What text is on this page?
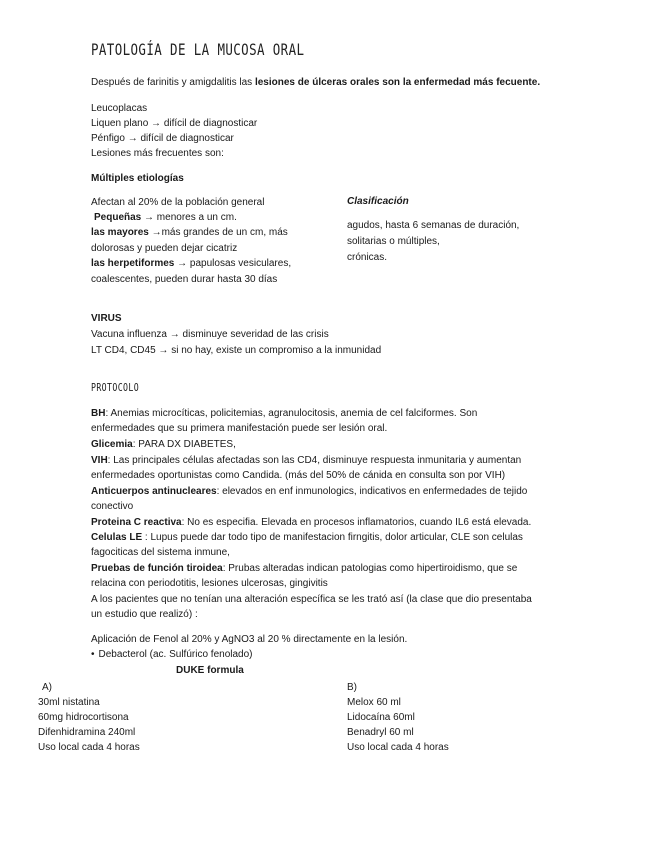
PATOLOGÍA DE LA MUCOSA ORAL
Después de farinitis y amigdalitis las lesiones de úlceras orales son la enfermedad más fecuente.
Leucoplacas
Liquen plano → difícil de diagnosticar
Pénfigo → difícil de diagnosticar
Lesiones más frecuentes son:
Múltiples etiologías
Afectan al 20% de la población general
Pequeñas → menores a un cm.
las mayores →más grandes de un cm, más
dolorosas y pueden dejar cicatriz
las herpetiformes → papulosas vesiculares,
coalescentes, pueden durar hasta 30 días
Clasificación
agudos, hasta 6 semanas de duración,
solitarias o múltiples,
crónicas.
VIRUS
Vacuna influenza → disminuye severidad de las crisis
LT CD4, CD45 → si no hay, existe un compromiso a la inmunidad
PROTOCOLO
BH: Anemias microcíticas, policitemias, agranulocitosis, anemia de cel falciformes. Son
enfermedades que su primera manifestación puede ser lesión oral.
Glicemia: PARA DX DIABETES,
VIH: Las principales células afectadas son las CD4, disminuye respuesta inmunitaria y aumentan
enfermedades oportunistas como Candida. (más del 50% de cánida en consulta son por VIH)
Anticuerpos antinucleares: elevados en enf inmunologics, indicativos en enfermedades de tejido
conectivo
Proteina C reactiva: No es especifia. Elevada en procesos inflamatorios, cuando IL6 está elevada.
Celulas LE : Lupus puede dar todo tipo de manifestacion firngitis, dolor articular, CLE son celulas
fagociticas del sistema inmune,
Pruebas de función tiroidea: Prubas alteradas indican patologias como hipertiroidismo, que se
relacina con periodotitis, lesiones ulcerosas, gingivitis
A los pacientes que no tenían una alteración específica se les trató así (la clase que dio presentaba
un estudio que realizó) :
Aplicación de Fenol al 20% y AgNO3 al 20 % directamente en la lesión.
• Debacterol (ac. Sulfúrico fenolado)
DUKE formula
A)
30ml nistatina
60mg hidrocortisona
Difenhidramina 240ml
Uso local cada 4 horas
B)
Melox 60 ml
Lidocaína 60ml
Benadryl 60 ml
Uso local cada 4 horas
